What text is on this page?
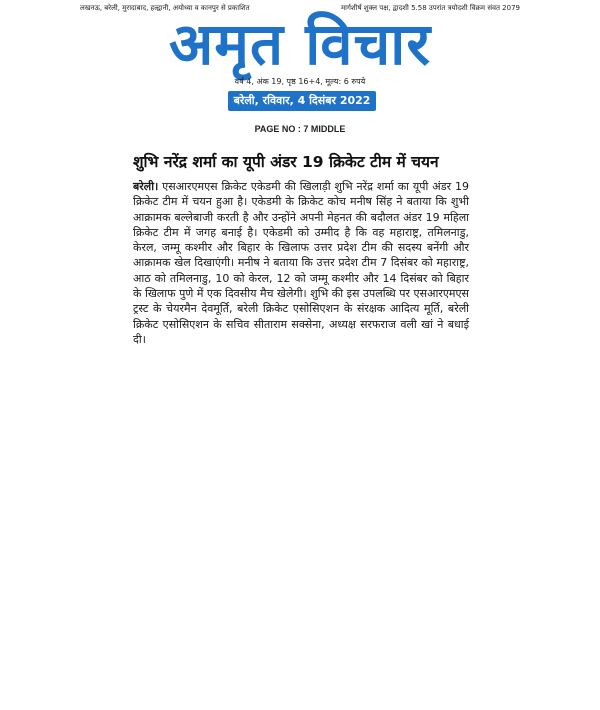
लखनऊ, बरेली, मुरादाबाद, हल्द्वानी, अयोध्या व कानपुर से प्रकाशित	मार्गशीर्ष शुक्ल पक्ष, द्वादशी 5.58 उपरांत त्रयोदशी विक्रम संवत 2079
अमृत विचार
वर्ष 4, अंक 19, पृष्ठ 16+4, मूल्य: 6 रुपये
बरेली, रविवार, 4 दिसंबर 2022
PAGE NO : 7 MIDDLE
शुभि नरेंद्र शर्मा का यूपी अंडर 19 क्रिकेट टीम में चयन

बरेली। एसआरएमएस क्रिकेट एकेडमी की खिलाड़ी शुभि नरेंद्र शर्मा का यूपी अंडर 19 क्रिकेट टीम में चयन हुआ है। एकेडमी के क्रिकेट कोच मनीष सिंह ने बताया कि शुभी आक्रामक बल्लेबाजी करती है और उन्होंने अपनी मेहनत की बदौलत अंडर 19 महिला क्रिकेट टीम में जगह बनाई है। एकेडमी को उम्मीद है कि वह महाराष्ट्र, तमिलनाडु, केरल, जम्मू कश्मीर और बिहार के खिलाफ उत्तर प्रदेश टीम की सदस्य बनेंगी और आक्रामक खेल दिखाएंगी। मनीष ने बताया कि उत्तर प्रदेश टीम 7 दिसंबर को महाराष्ट्र, आठ को तमिलनाडु, 10 को केरल, 12 को जम्मू कश्मीर और 14 दिसंबर को बिहार के खिलाफ पुणे में एक दिवसीय मैच खेलेगी। शुभि की इस उपलब्धि पर एसआरएमएस ट्रस्ट के चेयरमैन देवमूर्ति, बरेली क्रिकेट एसोसिएशन के संरक्षक आदित्य मूर्ति, बरेली क्रिकेट एसोसिएशन के सचिव सीताराम सक्सेना, अध्यक्ष सरफराज वली खां ने बधाई दी।
